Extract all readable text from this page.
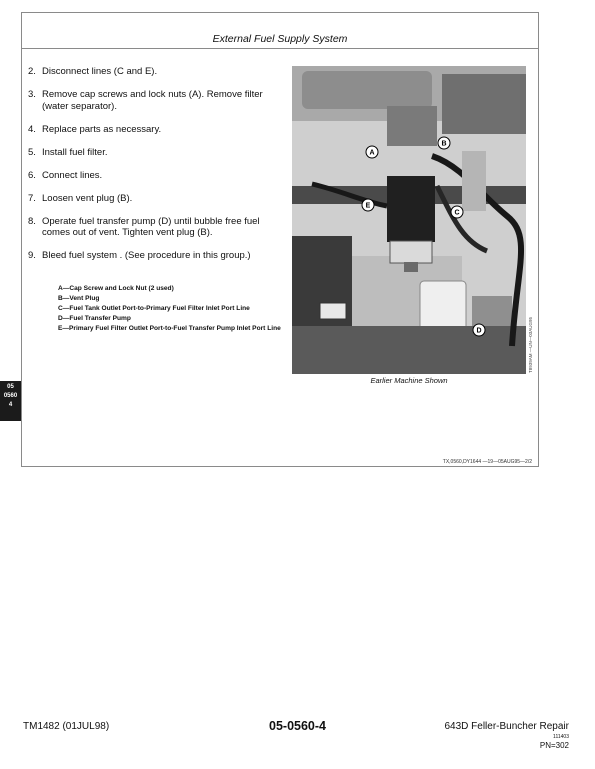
External Fuel Supply System
2. Disconnect lines (C and E).
3. Remove cap screws and lock nuts (A). Remove filter (water separator).
4. Replace parts as necessary.
5. Install fuel filter.
6. Connect lines.
7. Loosen vent plug (B).
8. Operate fuel transfer pump (D) until bubble free fuel comes out of vent. Tighten vent plug (B).
9. Bleed fuel system . (See procedure in this group.)
A— Cap Screw and Lock Nut (2 used)
B— Vent Plug
C— Fuel Tank Outlet Port-to-Primary Fuel Filter Inlet Port Line
D— Fuel Transfer Pump
E— Primary Fuel Filter Outlet Port-to-Fuel Transfer Pump Inlet Port Line
A
B
C
D
E
Earlier Machine Shown
T8939AM —UN—03AUG95
TX,0560,DY1644 —19—05AUG95—2/2
05
0560
4
TM1482 (01JUL98)	05-0560-4	643D Feller-Buncher Repair
111403
PN=302
